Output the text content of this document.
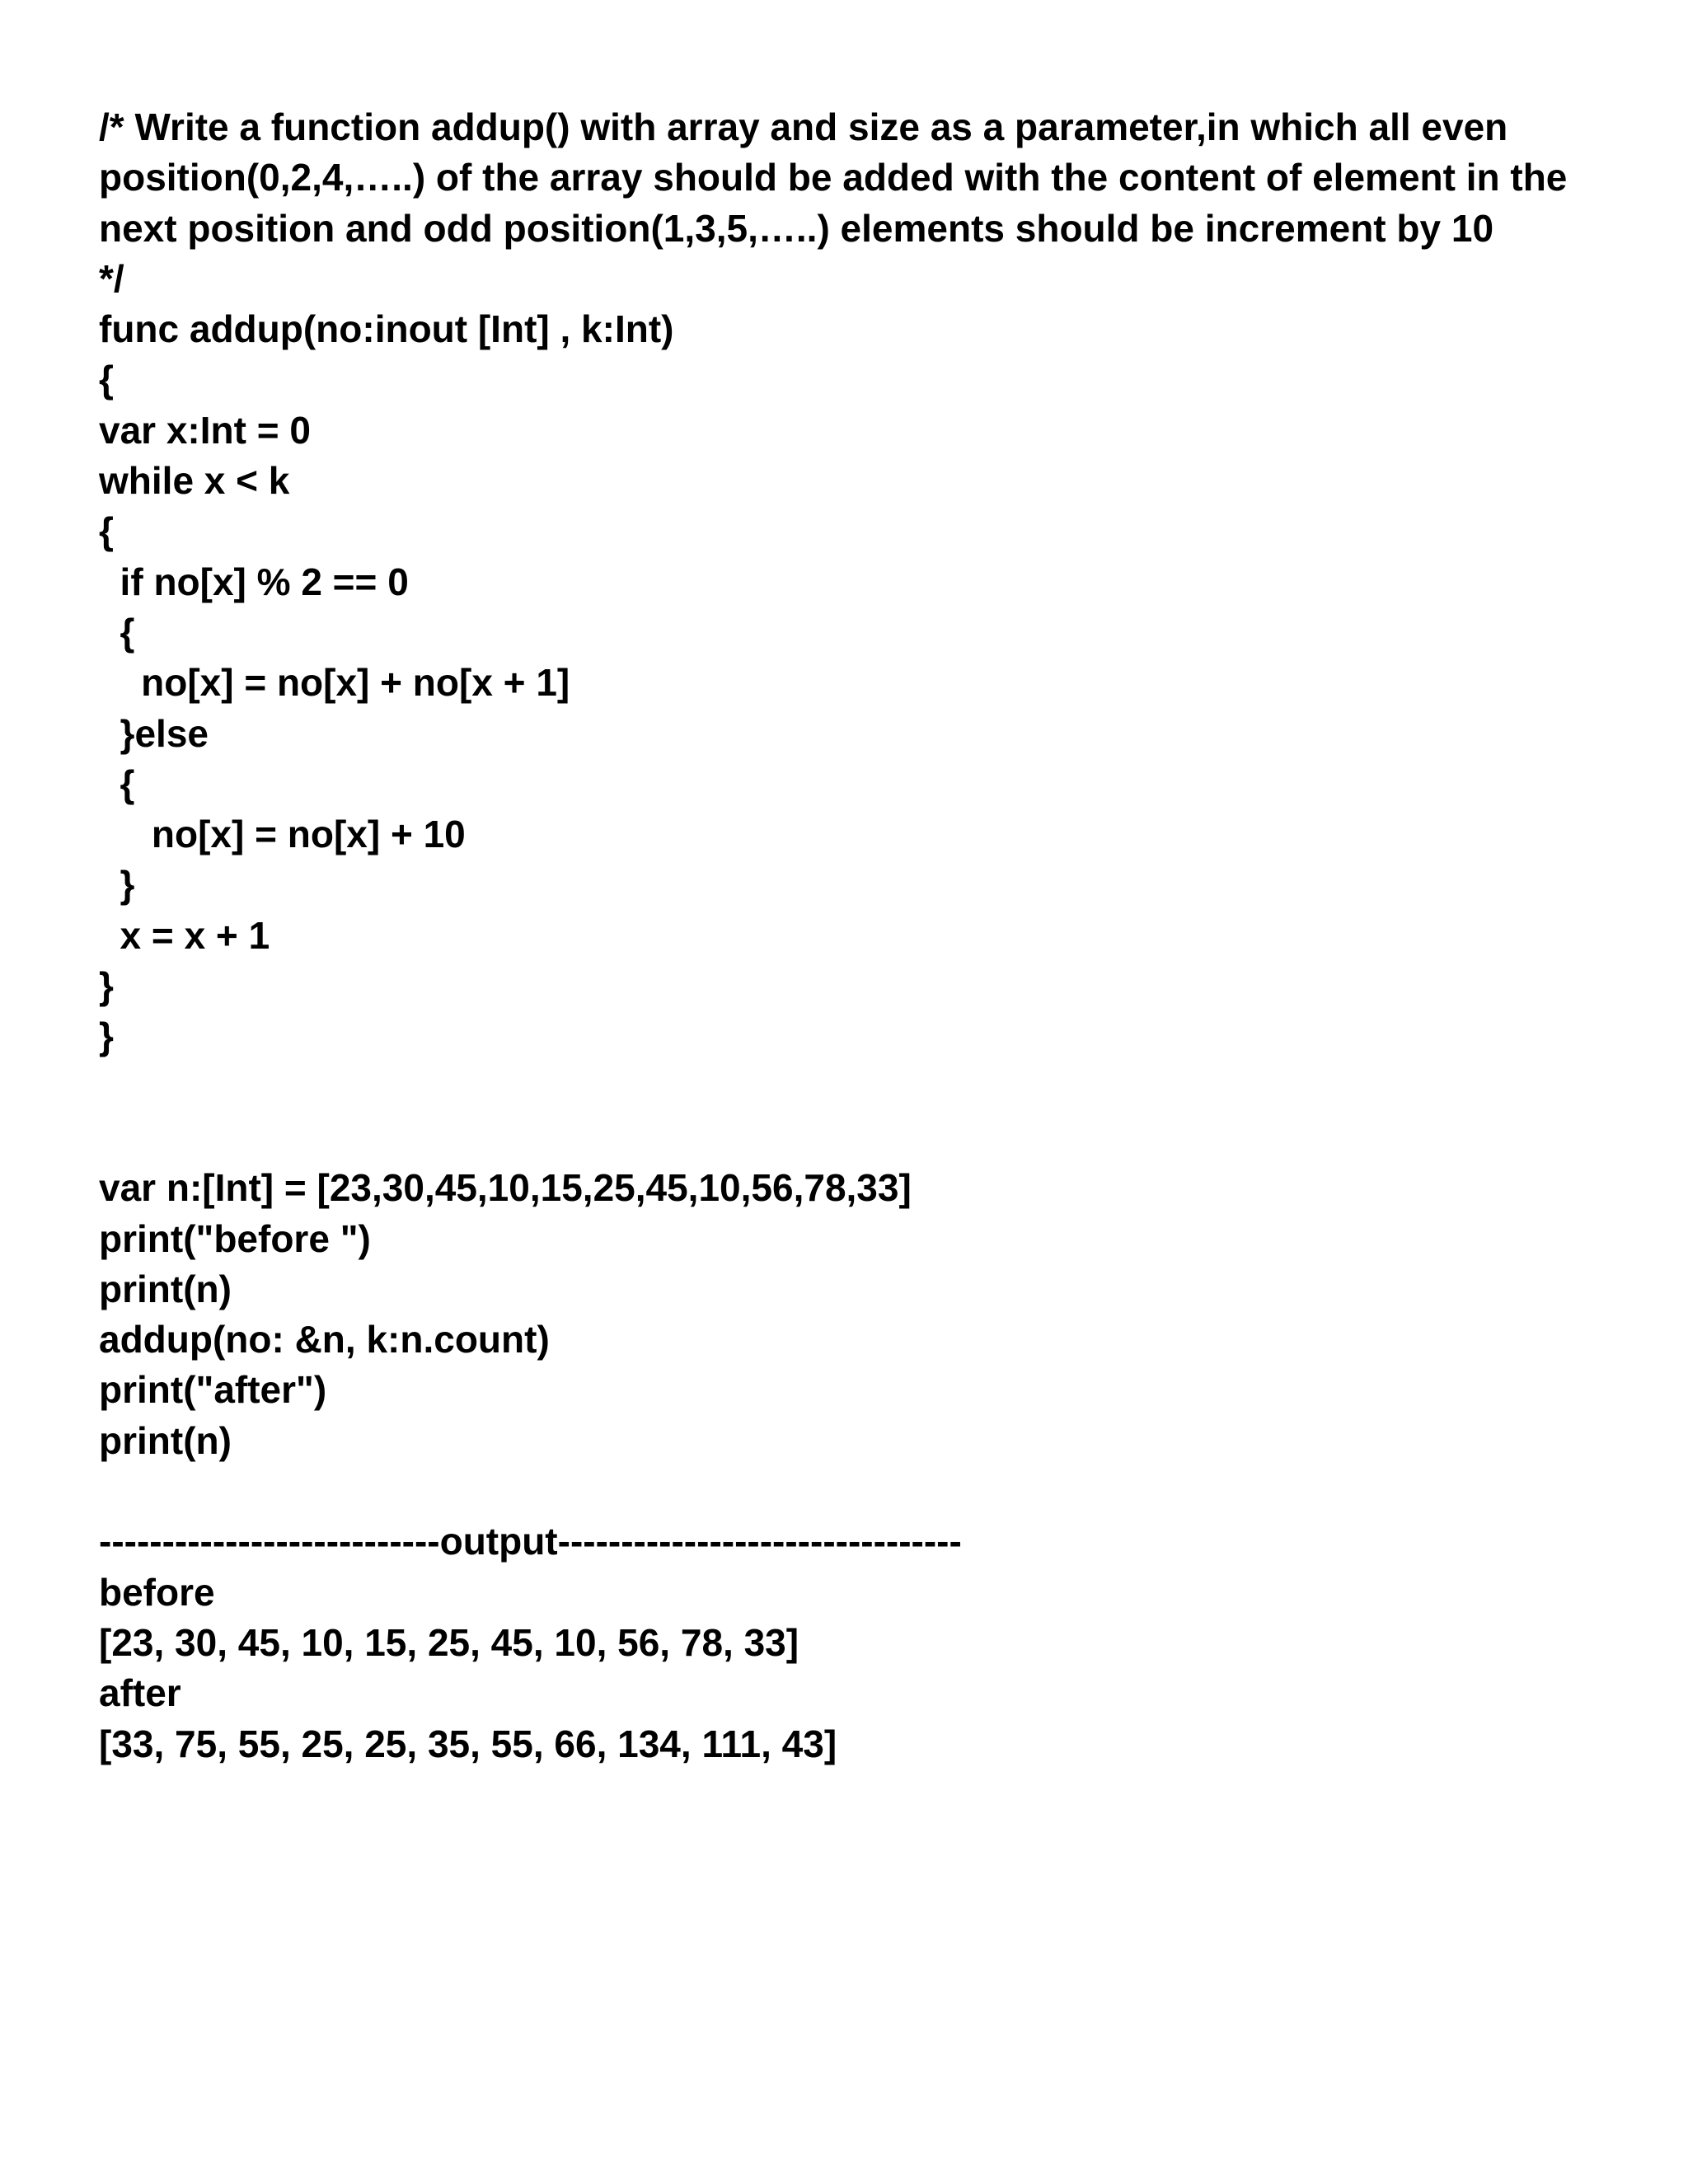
/* Write a function addup() with array and size as a parameter,in which all even position(0,2,4,…..) of the array should be added with the content of element in the next position and odd position(1,3,5,…..) elements should be increment by 10
*/
func addup(no:inout [Int] , k:Int)
{
var x:Int = 0
while x < k
{
if no[x] % 2 == 0
{
no[x] = no[x] + no[x + 1]
}else
{
no[x] = no[x] + 10
}
x = x + 1
}
}
var n:[Int] = [23,30,45,10,15,25,45,10,56,78,33]
print("before ")
print(n)
addup(no: &n, k:n.count)
print("after")
print(n)
---------------------------output--------------------------------
before
[23, 30, 45, 10, 15, 25, 45, 10, 56, 78, 33]
after
[33, 75, 55, 25, 25, 35, 55, 66, 134, 111, 43]
